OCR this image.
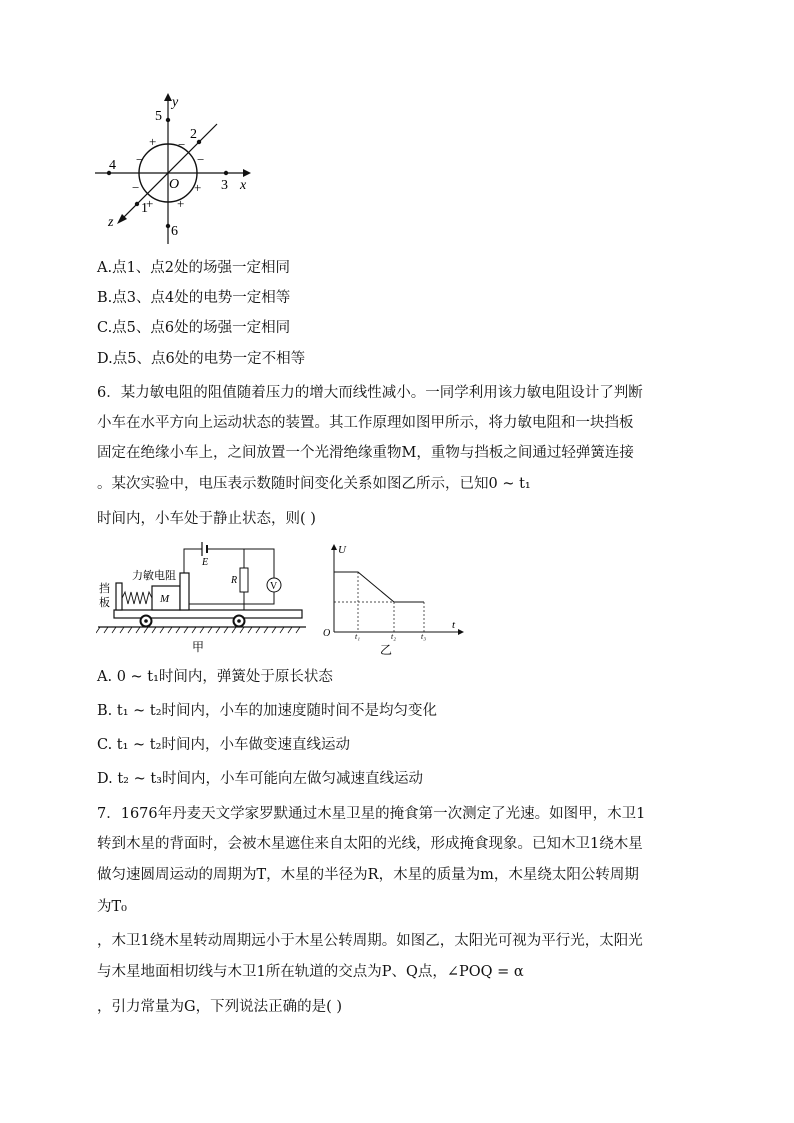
1
2
3
4
5
6
O	x
y
z
+ −
−
+
+
+
−
−
A.点1、点2处的场强一定相同
B.点3、点4处的电势一定相等
C.点5、点6处的场强一定相同
D.点5、点6处的电势一定不相等
6．某力敏电阻的阻值随着压力的增大而线性减小。一同学利用该力敏电阻设计了判断
小车在水平方向上运动状态的装置。其工作原理如图甲所示，将力敏电阻和一块挡板
固定在绝缘小车上，之间放置一个光滑绝缘重物M，重物与挡板之间通过轻弹簧连接
。某次实验中，电压表示数随时间变化关系如图乙所示，已知0 ~ t₁
时间内，小车处于静止状态，则( )
M
E
R
V
力敏电阻
挡
板
甲
U
t
O	t₁	t₂	t₃
乙
A. 0 ~ t₁时间内，弹簧处于原长状态
B. t₁ ~ t₂时间内，小车的加速度随时间不是均匀变化
C. t₁ ~ t₂时间内，小车做变速直线运动
D. t₂ ~ t₃时间内，小车可能向左做匀减速直线运动
7．1676年丹麦天文学家罗默通过木星卫星的掩食第一次测定了光速。如图甲，木卫1
转到木星的背面时，会被木星遮住来自太阳的光线，形成掩食现象。已知木卫1绕木星
做匀速圆周运动的周期为T，木星的半径为R，木星的质量为m，木星绕太阳公转周期
为T₀
，木卫1绕木星转动周期远小于木星公转周期。如图乙，太阳光可视为平行光，太阳光
与木星地面相切线与木卫1所在轨道的交点为P、Q点，∠POQ = α
，引力常量为G，下列说法正确的是( )
